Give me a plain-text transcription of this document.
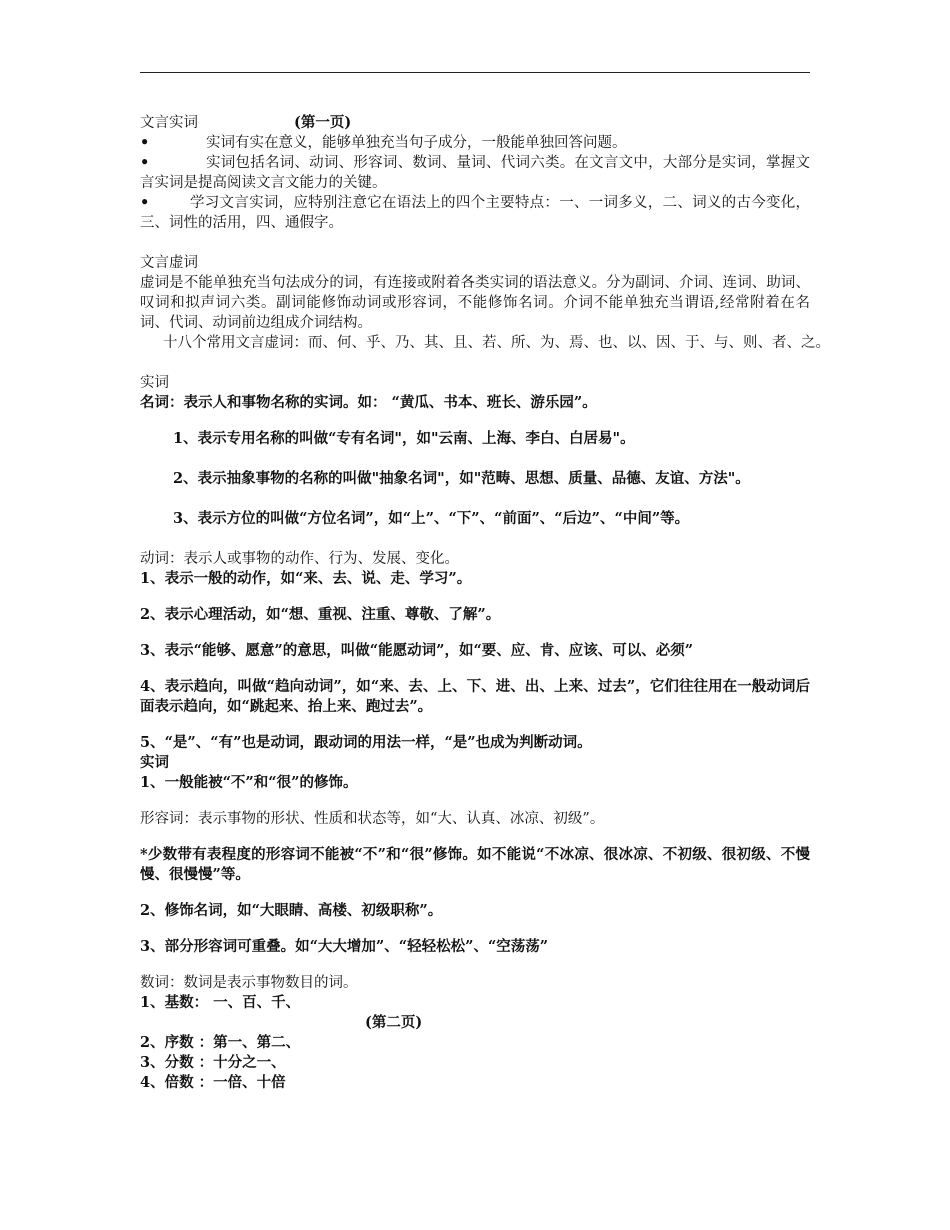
文言实词	(第一页)
•	实词有实在意义，能够单独充当句子成分，一般能单独回答问题。
•	实词包括名词、动词、形容词、数词、量词、代词六类。在文言文中，大部分是实词，掌握文言实词是提高阅读文言文能力的关键。
•	学习文言实词，应特别注意它在语法上的四个主要特点：一、一词多义，二、词义的古今变化，三、词性的活用，四、通假字。
文言虚词
虚词是不能单独充当句法成分的词，有连接或附着各类实词的语法意义。分为副词、介词、连词、助词、叹词和拟声词六类。副词能修饰动词或形容词，不能修饰名词。介词不能单独充当谓语,经常附着在名词、代词、动词前边组成介词结构。
十八个常用文言虚词：而、何、乎、乃、其、且、若、所、为、焉、也、以、因、于、与、则、者、之。
实词
名词：表示人和事物名称的实词。如： “黄瓜、书本、班长、游乐园”。
1、表示专用名称的叫做“专有名词"，如"云南、上海、李白、白居易"。
2、表示抽象事物的名称的叫做"抽象名词"，如"范畴、思想、质量、品德、友谊、方法"。
3、表示方位的叫做“方位名词”，如“上”、“下”、“前面”、“后边”、“中间”等。
动词：表示人或事物的动作、行为、发展、变化。
1、表示一般的动作，如“来、去、说、走、学习”。
2、表示心理活动，如“想、重视、注重、尊敬、了解”。
3、表示“能够、愿意”的意思，叫做“能愿动词”，如“要、应、肯、应该、可以、必须”
4、表示趋向，叫做“趋向动词”，如“来、去、上、下、进、出、上来、过去”，它们往往用在一般动词后面表示趋向，如“跳起来、抬上来、跑过去”。
5、“是”、“有”也是动词，跟动词的用法一样，“是”也成为判断动词。
实词
1、一般能被“不”和“很”的修饰。
形容词：表示事物的形状、性质和状态等，如“大、认真、冰凉、初级”。
*少数带有表程度的形容词不能被“不”和“很”修饰。如不能说“不冰凉、很冰凉、不初级、很初级、不慢慢、很慢慢”等。
2、修饰名词，如“大眼睛、高楼、初级职称”。
3、部分形容词可重叠。如“大大增加”、“轻轻松松”、“空荡荡”
数词：数词是表示事物数目的词。
1、基数： 一、百、千、
(第二页)
2、序数 ：第一、第二、
3、分数 ：十分之一、
4、倍数 ：一倍、十倍
